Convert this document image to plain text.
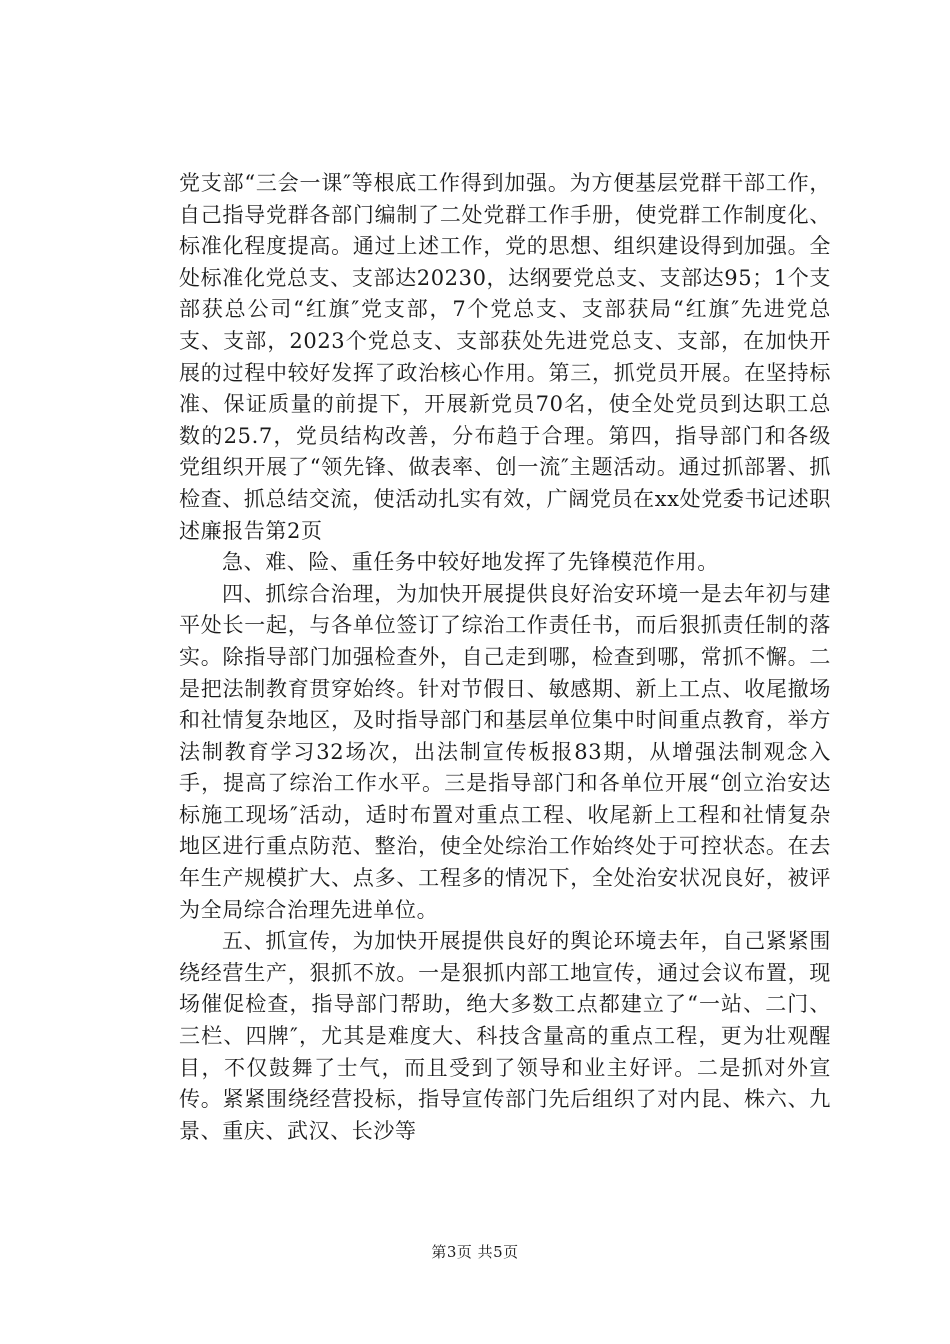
党支部“三会一课″等根底工作得到加强。为方便基层党群干部工作，自己指导党群各部门编制了二处党群工作手册，使党群工作制度化、标准化程度提高。通过上述工作，党的思想、组织建设得到加强。全处标准化党总支、支部达20230，达纲要党总支、支部达95；1个支部获总公司“红旗″党支部，7个党总支、支部获局“红旗″先进党总支、支部，2023个党总支、支部获处先进党总支、支部，在加快开展的过程中较好发挥了政治核心作用。第三，抓党员开展。在坚持标准、保证质量的前提下，开展新党员70名，使全处党员到达职工总数的25.7，党员结构改善，分布趋于合理。第四，指导部门和各级党组织开展了“领先锋、做表率、创一流″主题活动。通过抓部署、抓检查、抓总结交流，使活动扎实有效，广阔党员在xx处党委书记述职述廉报告第2页

急、难、险、重任务中较好地发挥了先锋模范作用。

四、抓综合治理，为加快开展提供良好治安环境一是去年初与建平处长一起，与各单位签订了综治工作责任书，而后狠抓责任制的落实。除指导部门加强检查外，自己走到哪，检查到哪，常抓不懈。二是把法制教育贯穿始终。针对节假日、敏感期、新上工点、收尾撤场和社情复杂地区，及时指导部门和基层单位集中时间重点教育，举方法制教育学习32场次，出法制宣传板报83期，从增强法制观念入手，提高了综治工作水平。三是指导部门和各单位开展“创立治安达标施工现场″活动，适时布置对重点工程、收尾新上工程和社情复杂地区进行重点防范、整治，使全处综治工作始终处于可控状态。在去年生产规模扩大、点多、工程多的情况下，全处治安状况良好，被评为全局综合治理先进单位。

五、抓宣传，为加快开展提供良好的舆论环境去年，自己紧紧围绕经营生产，狠抓不放。一是狠抓内部工地宣传，通过会议布置，现场催促检查，指导部门帮助，绝大多数工点都建立了“一站、二门、三栏、四牌″，尤其是难度大、科技含量高的重点工程，更为壮观醒目，不仅鼓舞了士气，而且受到了领导和业主好评。二是抓对外宣传。紧紧围绕经营投标，指导宣传部门先后组织了对内昆、株六、九景、重庆、武汉、长沙等

第3页 共5页
